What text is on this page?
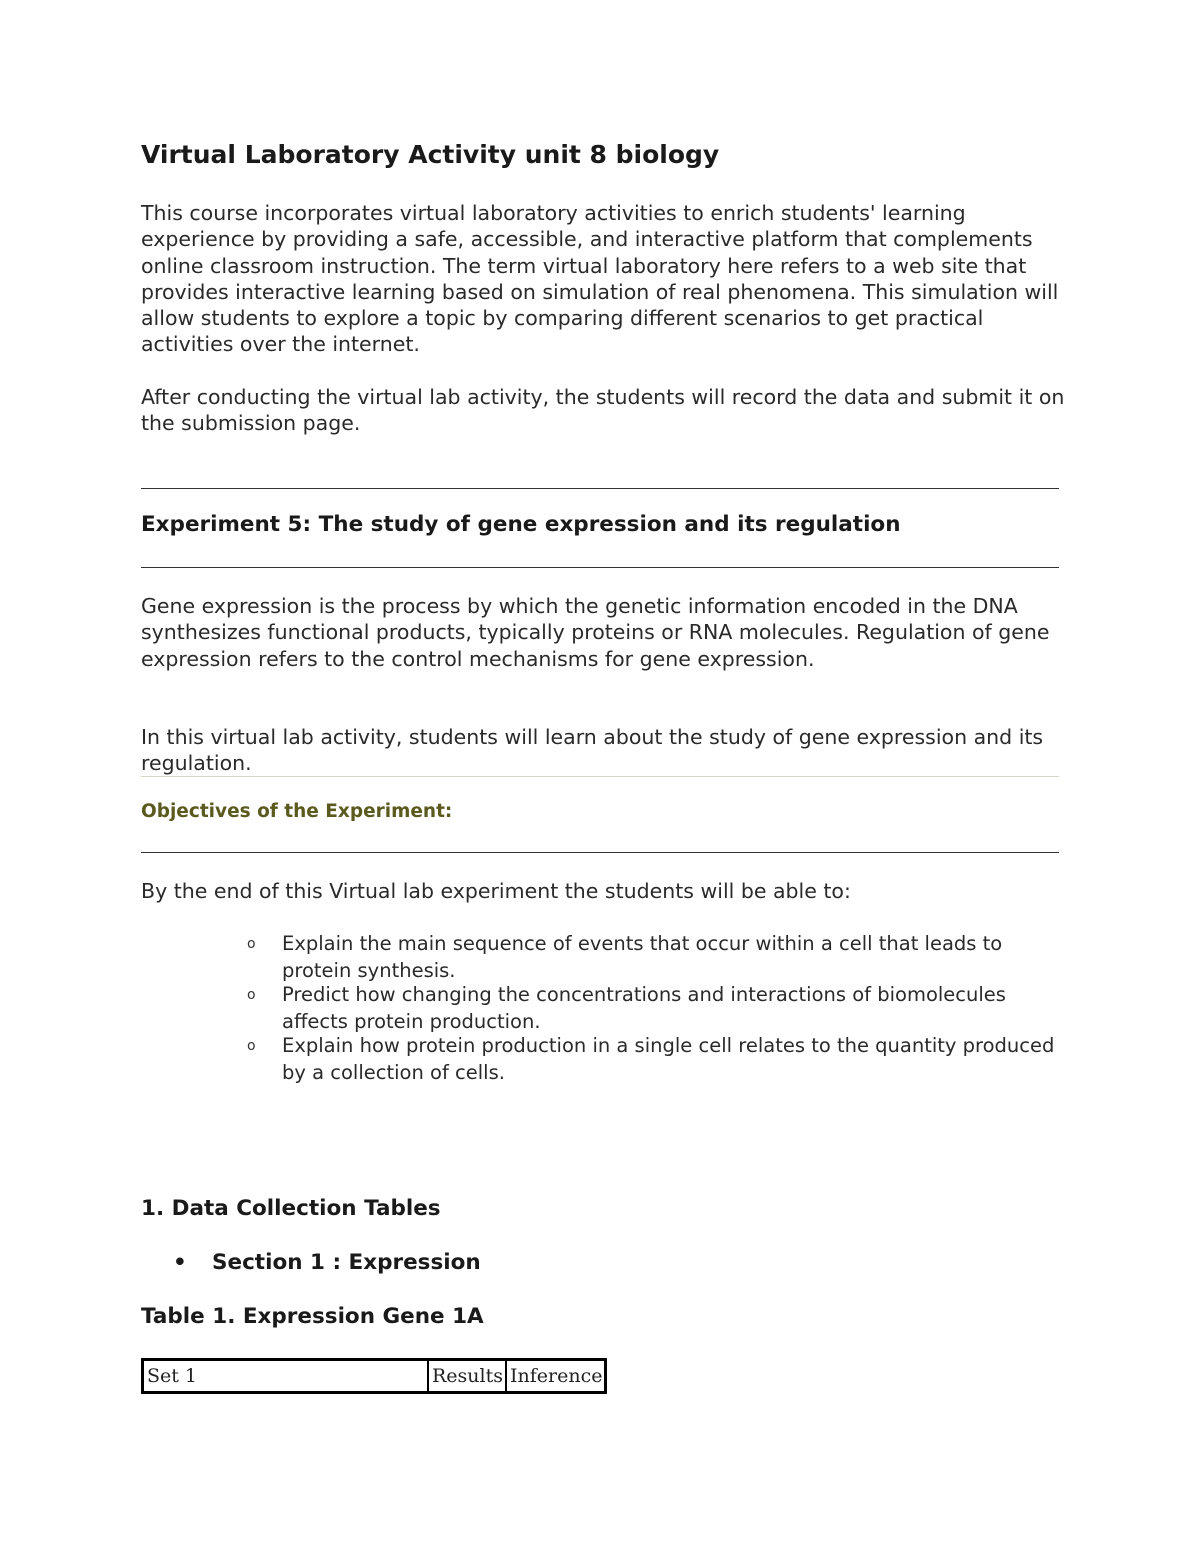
Virtual Laboratory Activity unit 8 biology
This course incorporates virtual laboratory activities to enrich students' learning experience by providing a safe, accessible, and interactive platform that complements online classroom instruction. The term virtual laboratory here refers to a web site that provides interactive learning based on simulation of real phenomena. This simulation will allow students to explore a topic by comparing different scenarios to get practical activities over the internet.
After conducting the virtual lab activity, the students will record the data and submit it on the submission page.
Experiment 5: The study of gene expression and its regulation
Gene expression is the process by which the genetic information encoded in the DNA synthesizes functional products, typically proteins or RNA molecules. Regulation of gene expression refers to the control mechanisms for gene expression.
In this virtual lab activity, students will learn about the study of gene expression and its regulation.
Objectives of the Experiment:
By the end of this Virtual lab experiment the students will be able to:
o Explain the main sequence of events that occur within a cell that leads to protein synthesis.
o Predict how changing the concentrations and interactions of biomolecules affects protein production.
o Explain how protein production in a single cell relates to the quantity produced by a collection of cells.
1. Data Collection Tables
• Section 1 : Expression
Table 1. Expression Gene 1A
Set 1	Results	Inference
